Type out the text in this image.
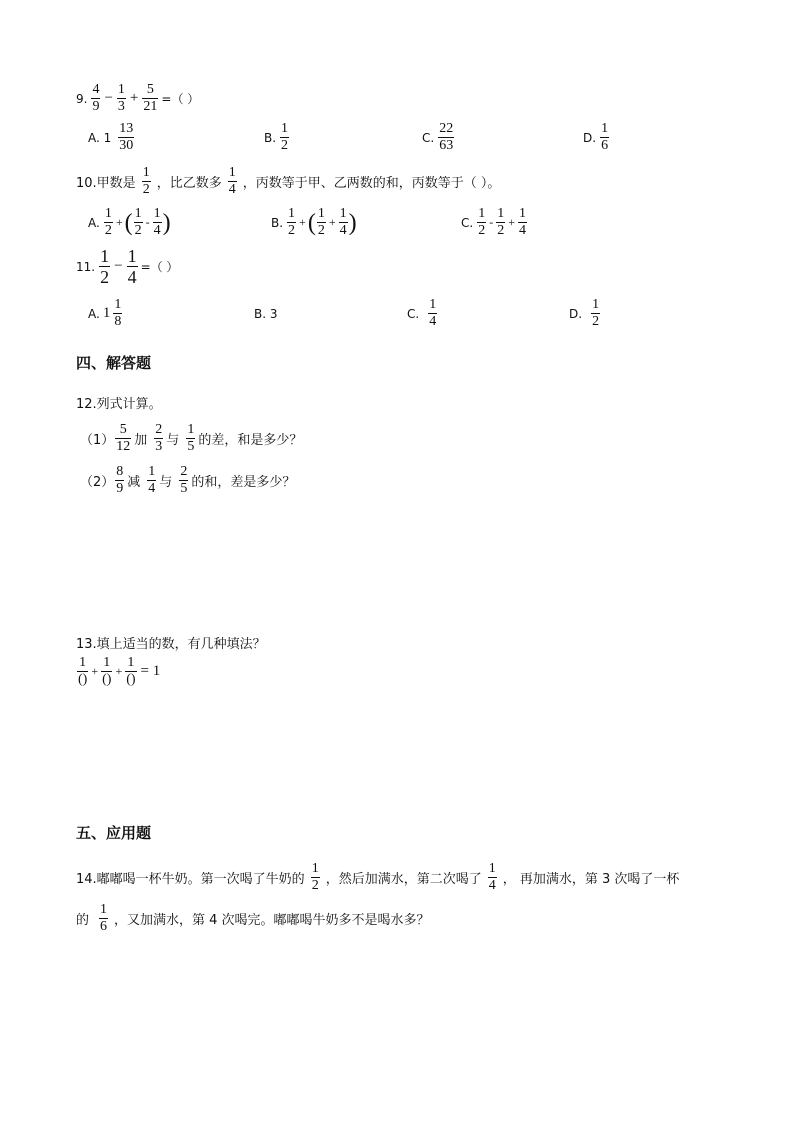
9. $\frac{4}{9} - \frac{1}{3} + \frac{5}{21}$ =（ ）
A. $1 \frac{13}{30}$	B. $\frac{1}{2}$	C. $\frac{22}{63}$	D. $\frac{1}{6}$
10.甲数是 $\frac{1}{2}$ ，比乙数多 $\frac{1}{4}$ ，丙数等于甲、乙两数的和，丙数等于（ ）。
A. $\frac{1}{2}$ + ( $\frac{1}{2} - \frac{1}{4}$ )	B. $\frac{1}{2}$ + ( $\frac{1}{2} + \frac{1}{4}$ )	C. $\frac{1}{2} - \frac{1}{2} + \frac{1}{4}$
11. $\frac{1}{2} - \frac{1}{4}$ =（ ）
A. $1 \frac{1}{8}$	B. 3	C. $\frac{1}{4}$	D. $\frac{1}{2}$
四、解答题
12.列式计算。
$(1) \frac{5}{12}$ 加 $\frac{2}{3}$ 与 $\frac{1}{5}$ 的差，和是多少？
$(2) \frac{8}{9}$ 减 $\frac{1}{4}$ 与 $\frac{2}{5}$ 的和，差是多少？
13.填上适当的数，有几种填法？
$\frac{1}{()} + \frac{1}{()} + \frac{1}{()} = 1$
五、应用题
14.嘟嘟喝一杯牛奶。第一次喝了牛奶的 $\frac{1}{2}$ ，然后加满水，第二次喝了 $\frac{1}{4}$ ， 再加满水，第 3 次喝了一杯
的 $\frac{1}{6}$ ，又加满水，第 4 次喝完。嘟嘟喝牛奶多不是喝水多？
